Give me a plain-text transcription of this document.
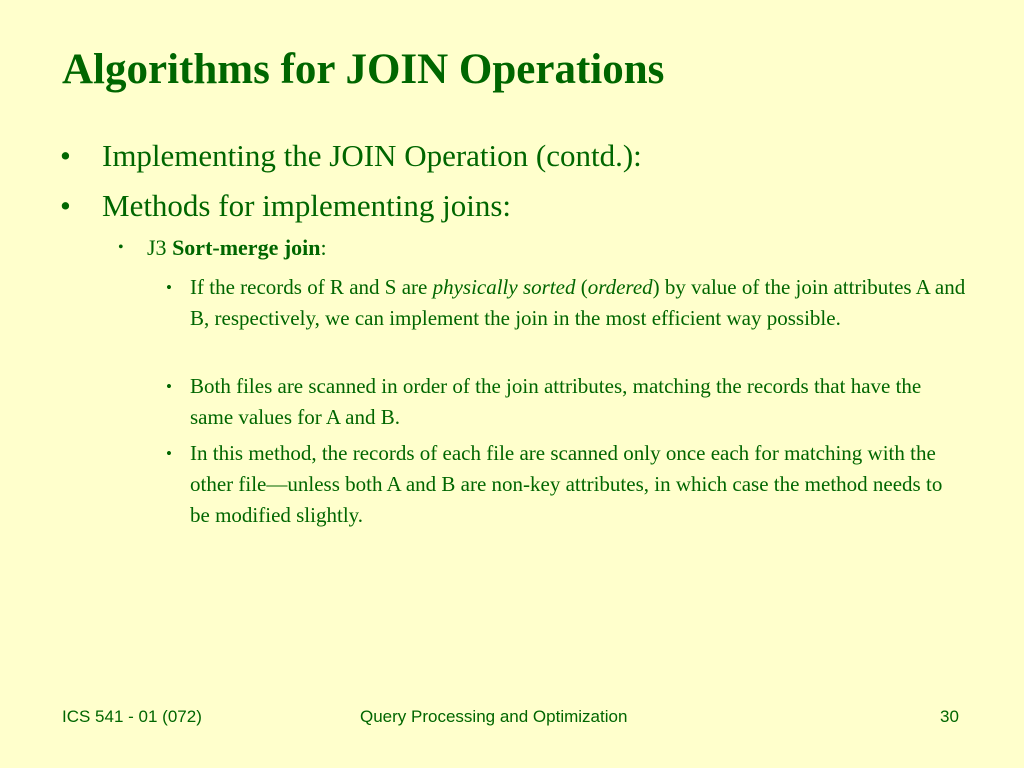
Algorithms for JOIN Operations
• Implementing the JOIN Operation (contd.):
• Methods for implementing joins:
• J3 Sort-merge join:
• If the records of R and S are physically sorted (ordered) by value of the join attributes A and B, respectively, we can implement the join in the most efficient way possible.
• Both files are scanned in order of the join attributes, matching the records that have the same values for A and B.
• In this method, the records of each file are scanned only once each for matching with the other file—unless both A and B are non-key attributes, in which case the method needs to be modified slightly.
ICS 541 - 01 (072)	Query Processing and Optimization	30
